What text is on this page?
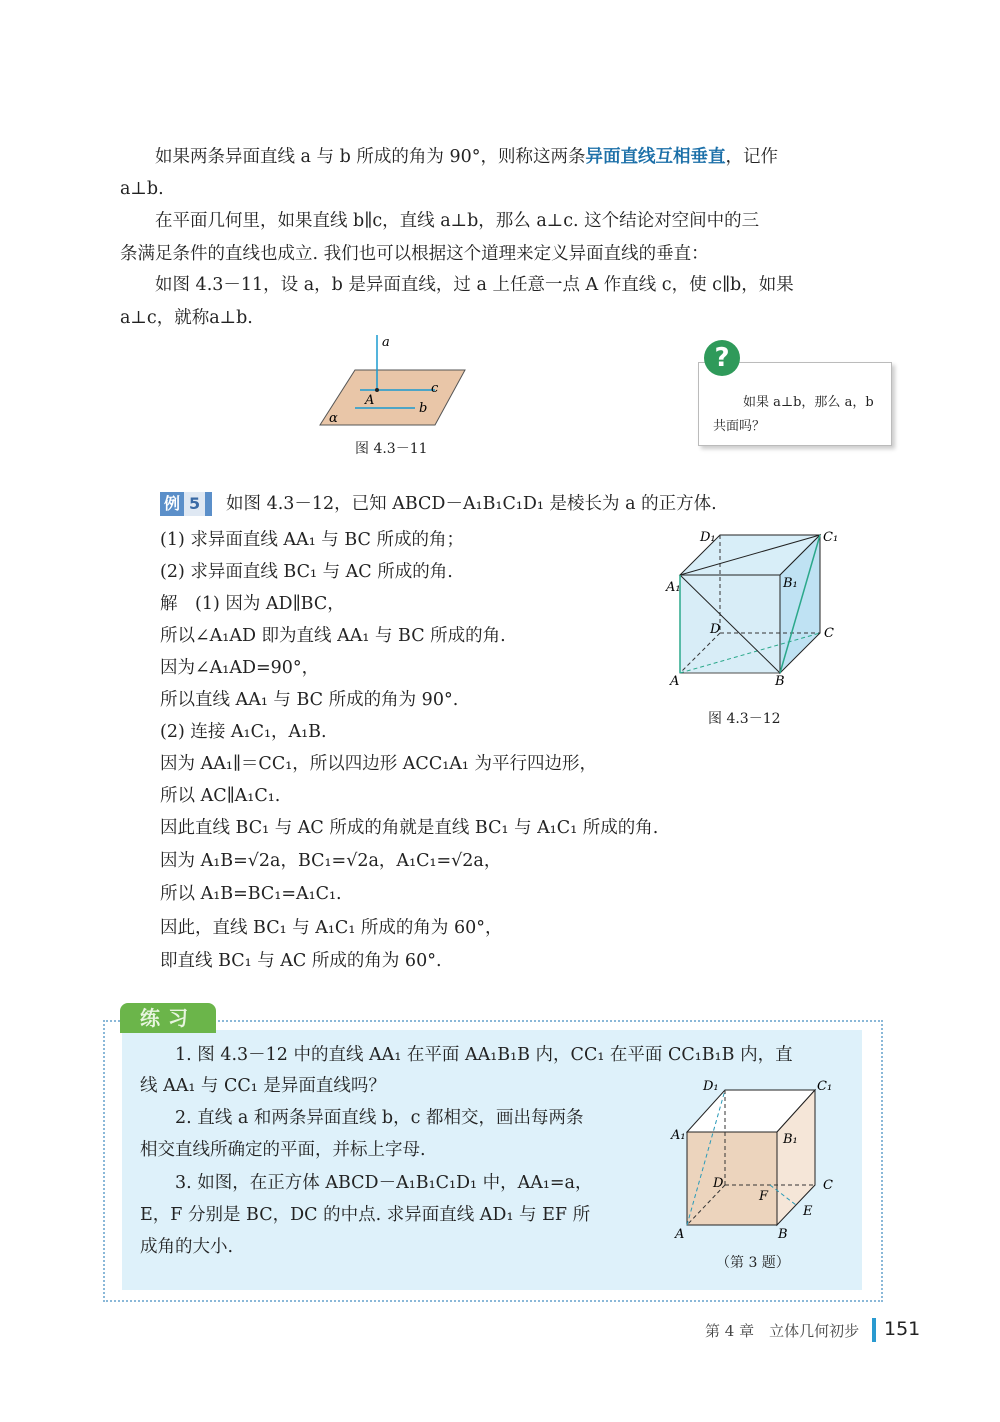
　　如果两条异面直线 a 与 b 所成的角为 90°，则称这两条异面直线互相垂直，记作
a⊥b.
　　在平面几何里，如果直线 b∥c，直线 a⊥b，那么 a⊥c. 这个结论对空间中的三
条满足条件的直线也成立. 我们也可以根据这个道理来定义异面直线的垂直：
　　如图 4.3－11，设 a，b 是异面直线，过 a 上任意一点 A 作直线 c，使 c∥b，如果
a⊥c，就称a⊥b.
a
c
A
b
α
图 4.3－11
如果 a⊥b，那么 a，b
共面吗？
?
例 5	如图 4.3－12，已知 ABCD－A₁B₁C₁D₁ 是棱长为 a 的正方体.
(1) 求异面直线 AA₁ 与 BC 所成的角；
(2) 求异面直线 BC₁ 与 AC 所成的角.
解　(1) 因为 AD∥BC，
所以∠A₁AD 即为直线 AA₁ 与 BC 所成的角.
因为∠A₁AD=90°，
所以直线 AA₁ 与 BC 所成的角为 90°.
(2) 连接 A₁C₁，A₁B.
因为 AA₁∥＝CC₁，所以四边形 ACC₁A₁ 为平行四边形，
所以 AC∥A₁C₁.
因此直线 BC₁ 与 AC 所成的角就是直线 BC₁ 与 A₁C₁ 所成的角.
因为 A₁B=√2a，BC₁=√2a，A₁C₁=√2a，
所以 A₁B=BC₁=A₁C₁.
因此，直线 BC₁ 与 A₁C₁ 所成的角为 60°，
即直线 BC₁ 与 AC 所成的角为 60°.
D₁	C₁
A₁	B₁
D	C
A	B
图 4.3－12
练习
　　1. 图 4.3－12 中的直线 AA₁ 在平面 AA₁B₁B 内，CC₁ 在平面 CC₁B₁B 内，直
线 AA₁ 与 CC₁ 是异面直线吗？
　　2. 直线 a 和两条异面直线 b，c 都相交，画出每两条
相交直线所确定的平面，并标上字母.
　　3. 如图，在正方体 ABCD－A₁B₁C₁D₁ 中，AA₁=a，
E，F 分别是 BC，DC 的中点. 求异面直线 AD₁ 与 EF 所
成角的大小.
D₁	C₁
A₁	B₁
D	C
F
E
A	B
（第 3 题）
第 4 章　立体几何初步 151
